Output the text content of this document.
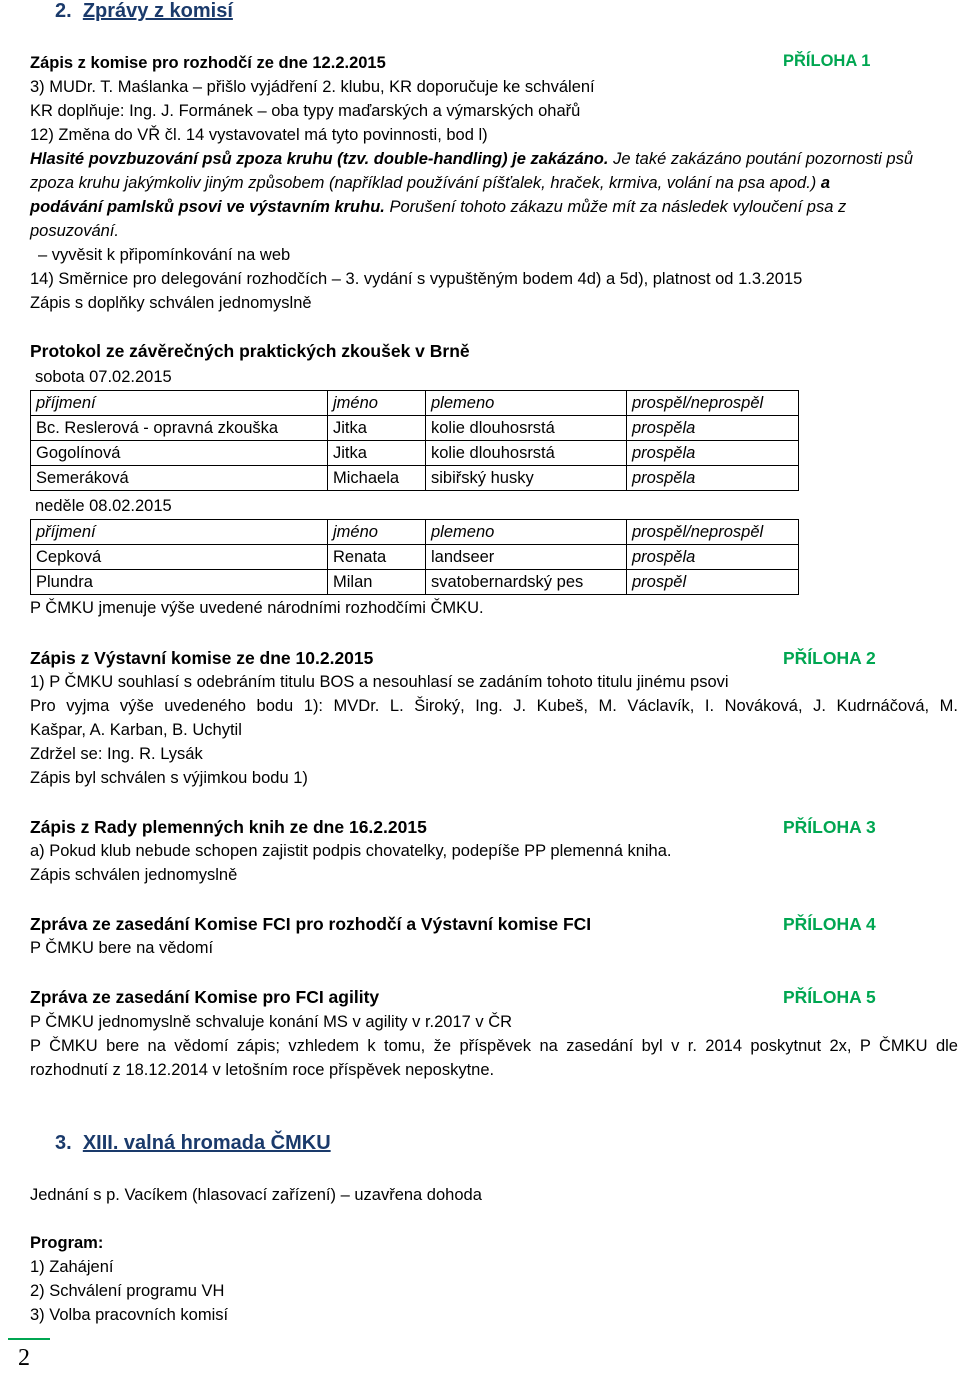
2. Zprávy z komisí
Zápis z komise pro rozhodčí ze dne 12.2.2015	PŘÍLOHA 1
3) MUDr. T. Maślanka – přišlo vyjádření 2. klubu, KR doporučuje ke schválení
KR doplňuje: Ing. J. Formánek – oba typy maďarských a výmarských ohařů
12) Změna do VŘ čl. 14 vystavovatel má tyto povinnosti, bod l)
Hlasité povzbuzování psů zpoza kruhu (tzv. double-handling) je zakázáno. Je také zakázáno poutání pozornosti psů
zpoza kruhu jakýmkoliv jiným způsobem (například používání píšťalek, hraček, krmiva, volání na psa apod.) a
podávání pamlsků psovi ve výstavním kruhu. Porušení tohoto zákazu může mít za následek vyloučení psa z
posuzování.
– vyvěsit k připomínkování na web
14) Směrnice pro delegování rozhodčích – 3. vydání s vypuštěným bodem 4d) a 5d), platnost od 1.3.2015
Zápis s doplňky schválen jednomyslně
Protokol ze závěrečných praktických zkoušek v Brně
sobota 07.02.2015
příjmení	jméno	plemeno	prospěl/neprospěl
Bc. Reslerová - opravná zkouška	Jitka	kolie dlouhosrstá	prospěla
Gogolínová	Jitka	kolie dlouhosrstá	prospěla
Semeráková	Michaela	sibiřský husky	prospěla
neděle 08.02.2015
příjmení	jméno	plemeno	prospěl/neprospěl
Cepková	Renata	landseer	prospěla
Plundra	Milan	svatobernardský pes	prospěl
P ČMKU jmenuje výše uvedené národními rozhodčími ČMKU.
Zápis z Výstavní komise ze dne 10.2.2015	PŘÍLOHA 2
1) P ČMKU souhlasí s odebráním titulu BOS a nesouhlasí se zadáním tohoto titulu jinému psovi
Pro vyjma výše uvedeného bodu 1): MVDr. L. Široký, Ing. J. Kubeš, M. Václavík, I. Nováková, J. Kudrnáčová, M.
Kašpar, A. Karban, B. Uchytil
Zdržel se: Ing. R. Lysák
Zápis byl schválen s výjimkou bodu 1)
Zápis z Rady plemenných knih ze dne 16.2.2015	PŘÍLOHA 3
a) Pokud klub nebude schopen zajistit podpis chovatelky, podepíše PP plemenná kniha.
Zápis schválen jednomyslně
Zpráva ze zasedání Komise FCI pro rozhodčí a Výstavní komise FCI	PŘÍLOHA 4
P ČMKU bere na vědomí
Zpráva ze zasedání Komise pro FCI agility	PŘÍLOHA 5
P ČMKU jednomyslně schvaluje konání MS v agility v r.2017 v ČR
P ČMKU bere na vědomí zápis; vzhledem k tomu, že příspěvek na zasedání byl v r. 2014 poskytnut 2x, P ČMKU dle
rozhodnutí z 18.12.2014 v letošním roce příspěvek neposkytne.
3. XIII. valná hromada ČMKU
Jednání s p. Vacíkem (hlasovací zařízení) – uzavřena dohoda
Program:
1) Zahájení
2) Schválení programu VH
3) Volba pracovních komisí
2
